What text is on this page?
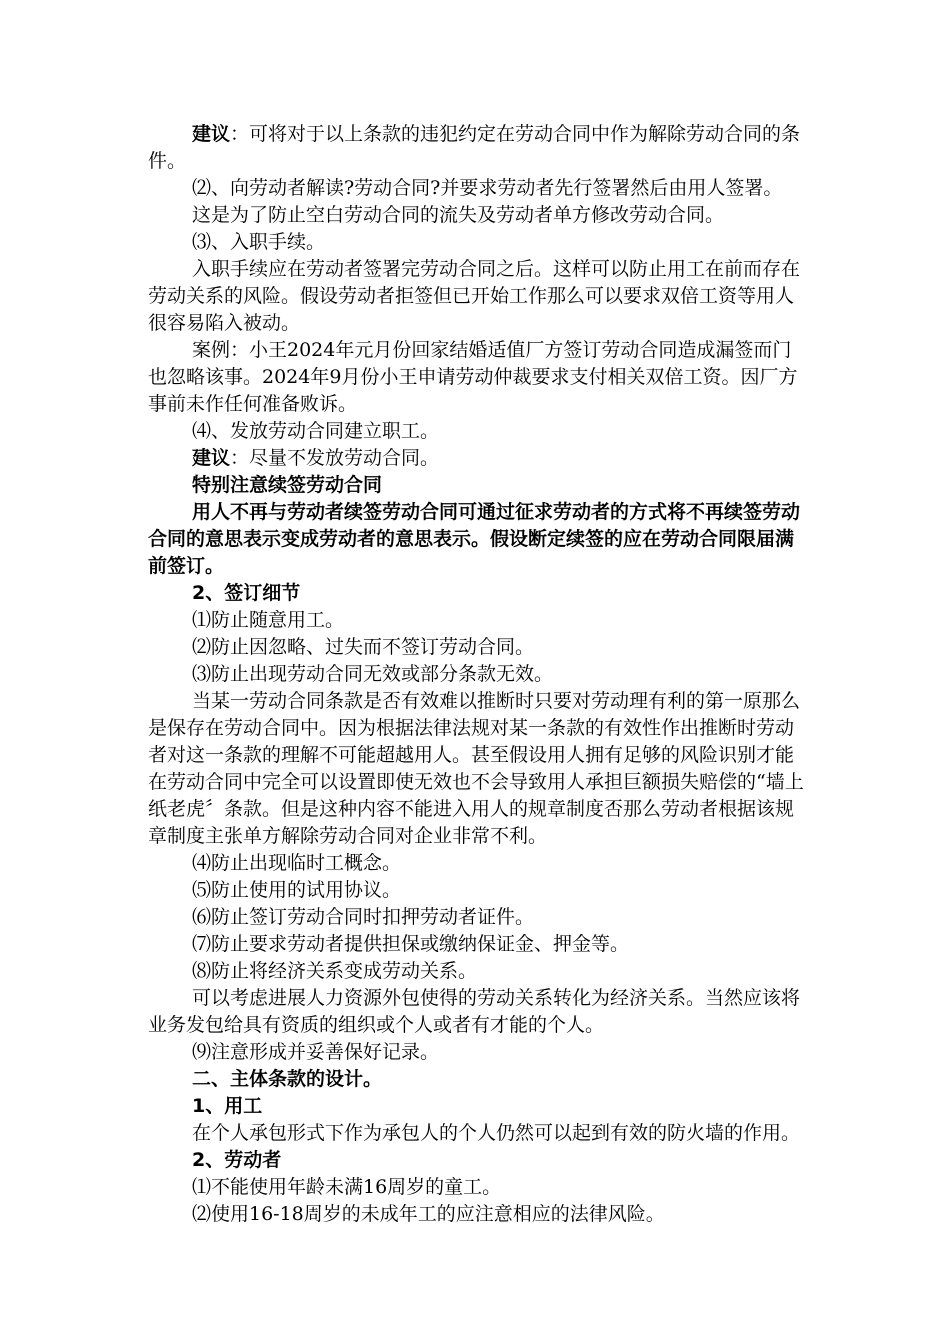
建议：可将对于以上条款的违犯约定在劳动合同中作为解除劳动合同的条件。

⑵、向劳动者解读?劳动合同?并要求劳动者先行签署然后由用人签署。

这是为了防止空白劳动合同的流失及劳动者单方修改劳动合同。

⑶、入职手续。

入职手续应在劳动者签署完劳动合同之后。这样可以防止用工在前而存在劳动关系的风险。假设劳动者拒签但已开始工作那么可以要求双倍工资等用人很容易陷入被动。

案例：小王2024年元月份回家结婚适值厂方签订劳动合同造成漏签而门也忽略该事。2024年9月份小王申请劳动仲裁要求支付相关双倍工资。因厂方事前未作任何准备败诉。

⑷、发放劳动合同建立职工。

建议：尽量不发放劳动合同。

特别注意续签劳动合同

用人不再与劳动者续签劳动合同可通过征求劳动者的方式将不再续签劳动合同的意思表示变成劳动者的意思表示。假设断定续签的应在劳动合同限届满前签订。

2、签订细节

⑴防止随意用工。

⑵防止因忽略、过失而不签订劳动合同。

⑶防止出现劳动合同无效或部分条款无效。

当某一劳动合同条款是否有效难以推断时只要对劳动理有利的第一原那么是保存在劳动合同中。因为根据法律法规对某一条款的有效性作出推断时劳动者对这一条款的理解不可能超越用人。甚至假设用人拥有足够的风险识别才能在劳动合同中完全可以设置即使无效也不会导致用人承担巨额损失赔偿的“墙上纸老虎〞条款。但是这种内容不能进入用人的规章制度否那么劳动者根据该规章制度主张单方解除劳动合同对企业非常不利。

⑷防止出现临时工概念。

⑸防止使用的试用协议。

⑹防止签订劳动合同时扣押劳动者证件。

⑺防止要求劳动者提供担保或缴纳保证金、押金等。

⑻防止将经济关系变成劳动关系。

可以考虑进展人力资源外包使得的劳动关系转化为经济关系。当然应该将业务发包给具有资质的组织或个人或者有才能的个人。

⑼注意形成并妥善保好记录。

二、主体条款的设计。

1、用工

在个人承包形式下作为承包人的个人仍然可以起到有效的防火墙的作用。

2、劳动者

⑴不能使用年龄未满16周岁的童工。

⑵使用16-18周岁的未成年工的应注意相应的法律风险。
